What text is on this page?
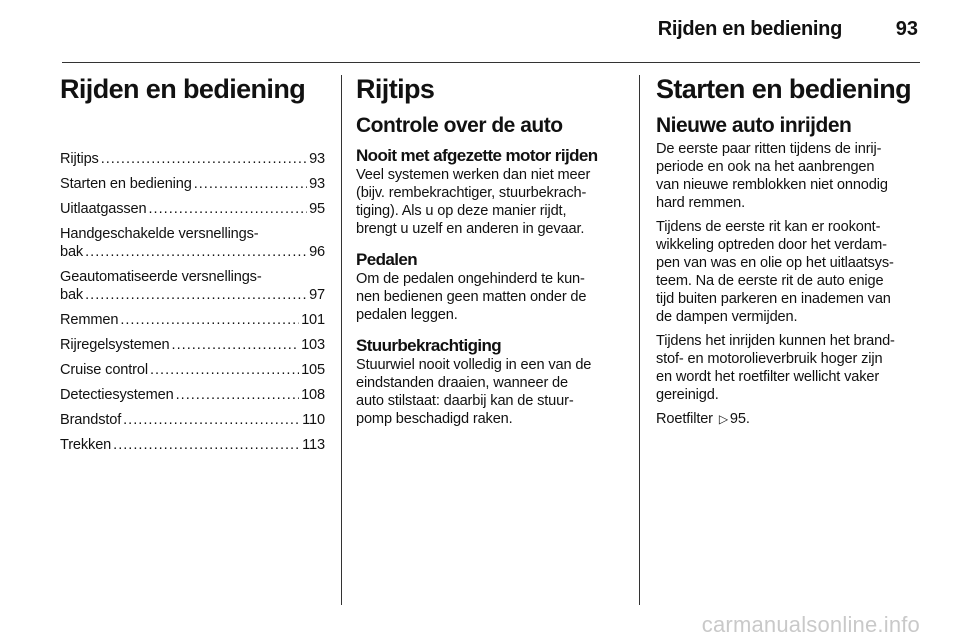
Rijden en bediening	93
Rijden en bediening
Rijtips .....	93
Starten en bediening .....	93
Uitlaatgassen .....	95
Handgeschakelde versnellings-
bak .....	96
Geautomatiseerde versnellings-
bak .....	97
Remmen .....	101
Rijregelsystemen .....	103
Cruise control .....	105
Detectiesystemen .....	108
Brandstof .....	110
Trekken .....	113
Rijtips
Controle over de auto
Nooit met afgezette motor rijden

Veel systemen werken dan niet meer
(bijv. rembekrachtiger, stuurbekrach-
tiging). Als u op deze manier rijdt,
brengt u uzelf en anderen in gevaar.

Pedalen

Om de pedalen ongehinderd te kun-
nen bedienen geen matten onder de
pedalen leggen.

Stuurbekrachtiging

Stuurwiel nooit volledig in een van de
eindstanden draaien, wanneer de
auto stilstaat: daarbij kan de stuur-
pomp beschadigd raken.

Starten en bediening
Nieuwe auto inrijden

De eerste paar ritten tijdens de inrij-
periode en ook na het aanbrengen
van nieuwe remblokken niet onnodig
hard remmen.

Tijdens de eerste rit kan er rookont-
wikkeling optreden door het verdam-
pen van was en olie op het uitlaatsys-
teem. Na de eerste rit de auto enige
tijd buiten parkeren en inademen van
de dampen vermijden.

Tijdens het inrijden kunnen het brand-
stof- en motorolieverbruik hoger zijn
en wordt het roetfilter wellicht vaker
gereinigd.

Roetfilter ▷ 95.

carmanualsonline.info
